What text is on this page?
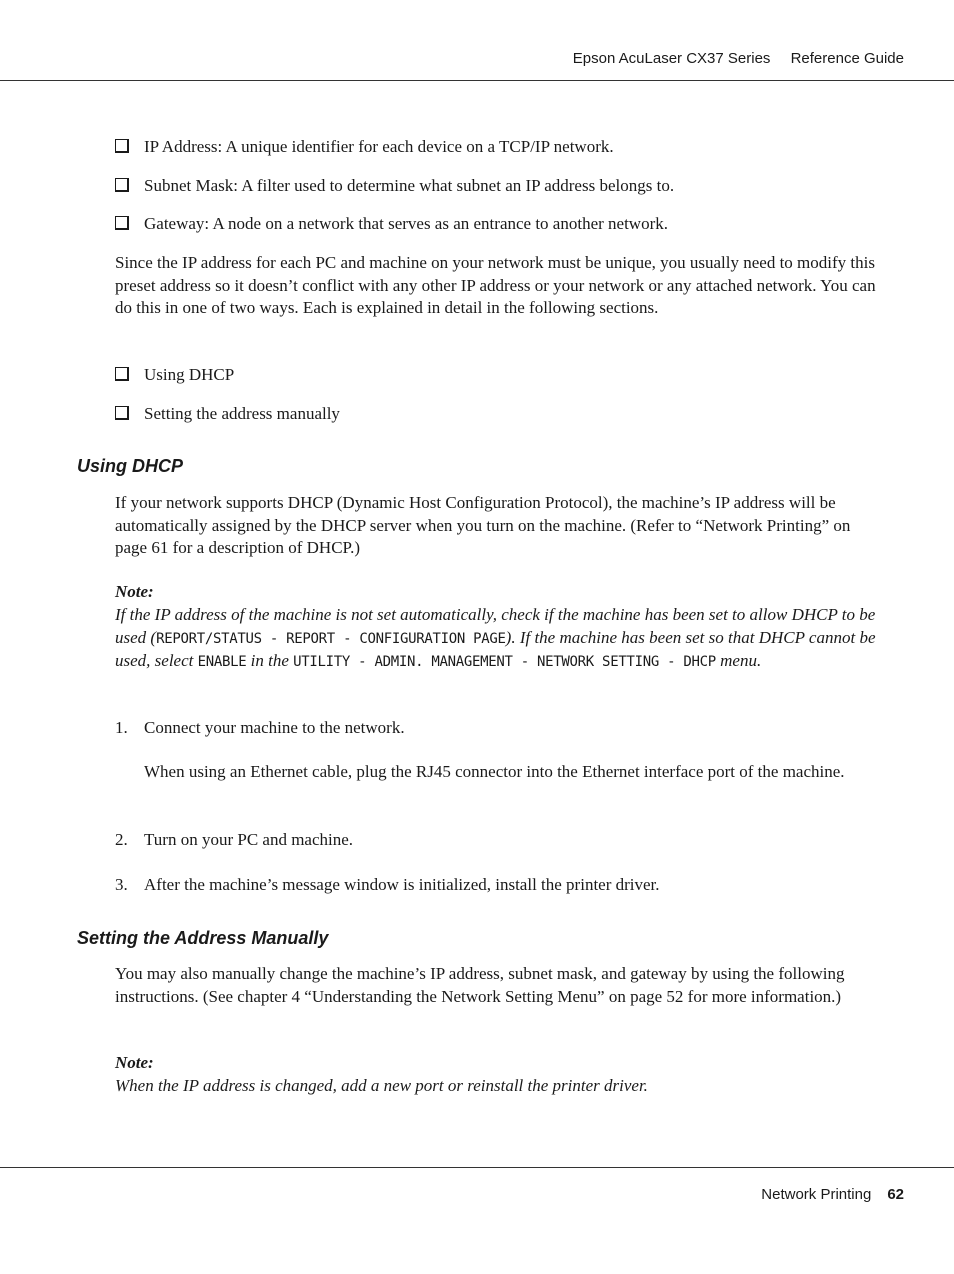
Epson AcuLaser CX37 Series Reference Guide
IP Address: A unique identifier for each device on a TCP/IP network.
Subnet Mask: A filter used to determine what subnet an IP address belongs to.
Gateway: A node on a network that serves as an entrance to another network.
Since the IP address for each PC and machine on your network must be unique, you usually need to modify this preset address so it doesn’t conflict with any other IP address or your network or any attached network. You can do this in one of two ways. Each is explained in detail in the following sections.
Using DHCP
Setting the address manually
Using DHCP
If your network supports DHCP (Dynamic Host Configuration Protocol), the machine’s IP address will be automatically assigned by the DHCP server when you turn on the machine. (Refer to “Network Printing” on page 61 for a description of DHCP.)
Note:
If the IP address of the machine is not set automatically, check if the machine has been set to allow DHCP to be used (REPORT/STATUS - REPORT - CONFIGURATION PAGE). If the machine has been set so that DHCP cannot be used, select ENABLE in the UTILITY - ADMIN. MANAGEMENT - NETWORK SETTING - DHCP menu.
1. Connect your machine to the network.
When using an Ethernet cable, plug the RJ45 connector into the Ethernet interface port of the machine.
2. Turn on your PC and machine.
3. After the machine’s message window is initialized, install the printer driver.
Setting the Address Manually
You may also manually change the machine’s IP address, subnet mask, and gateway by using the following instructions. (See chapter 4 “Understanding the Network Setting Menu” on page 52 for more information.)
Note:
When the IP address is changed, add a new port or reinstall the printer driver.
Network Printing 62
